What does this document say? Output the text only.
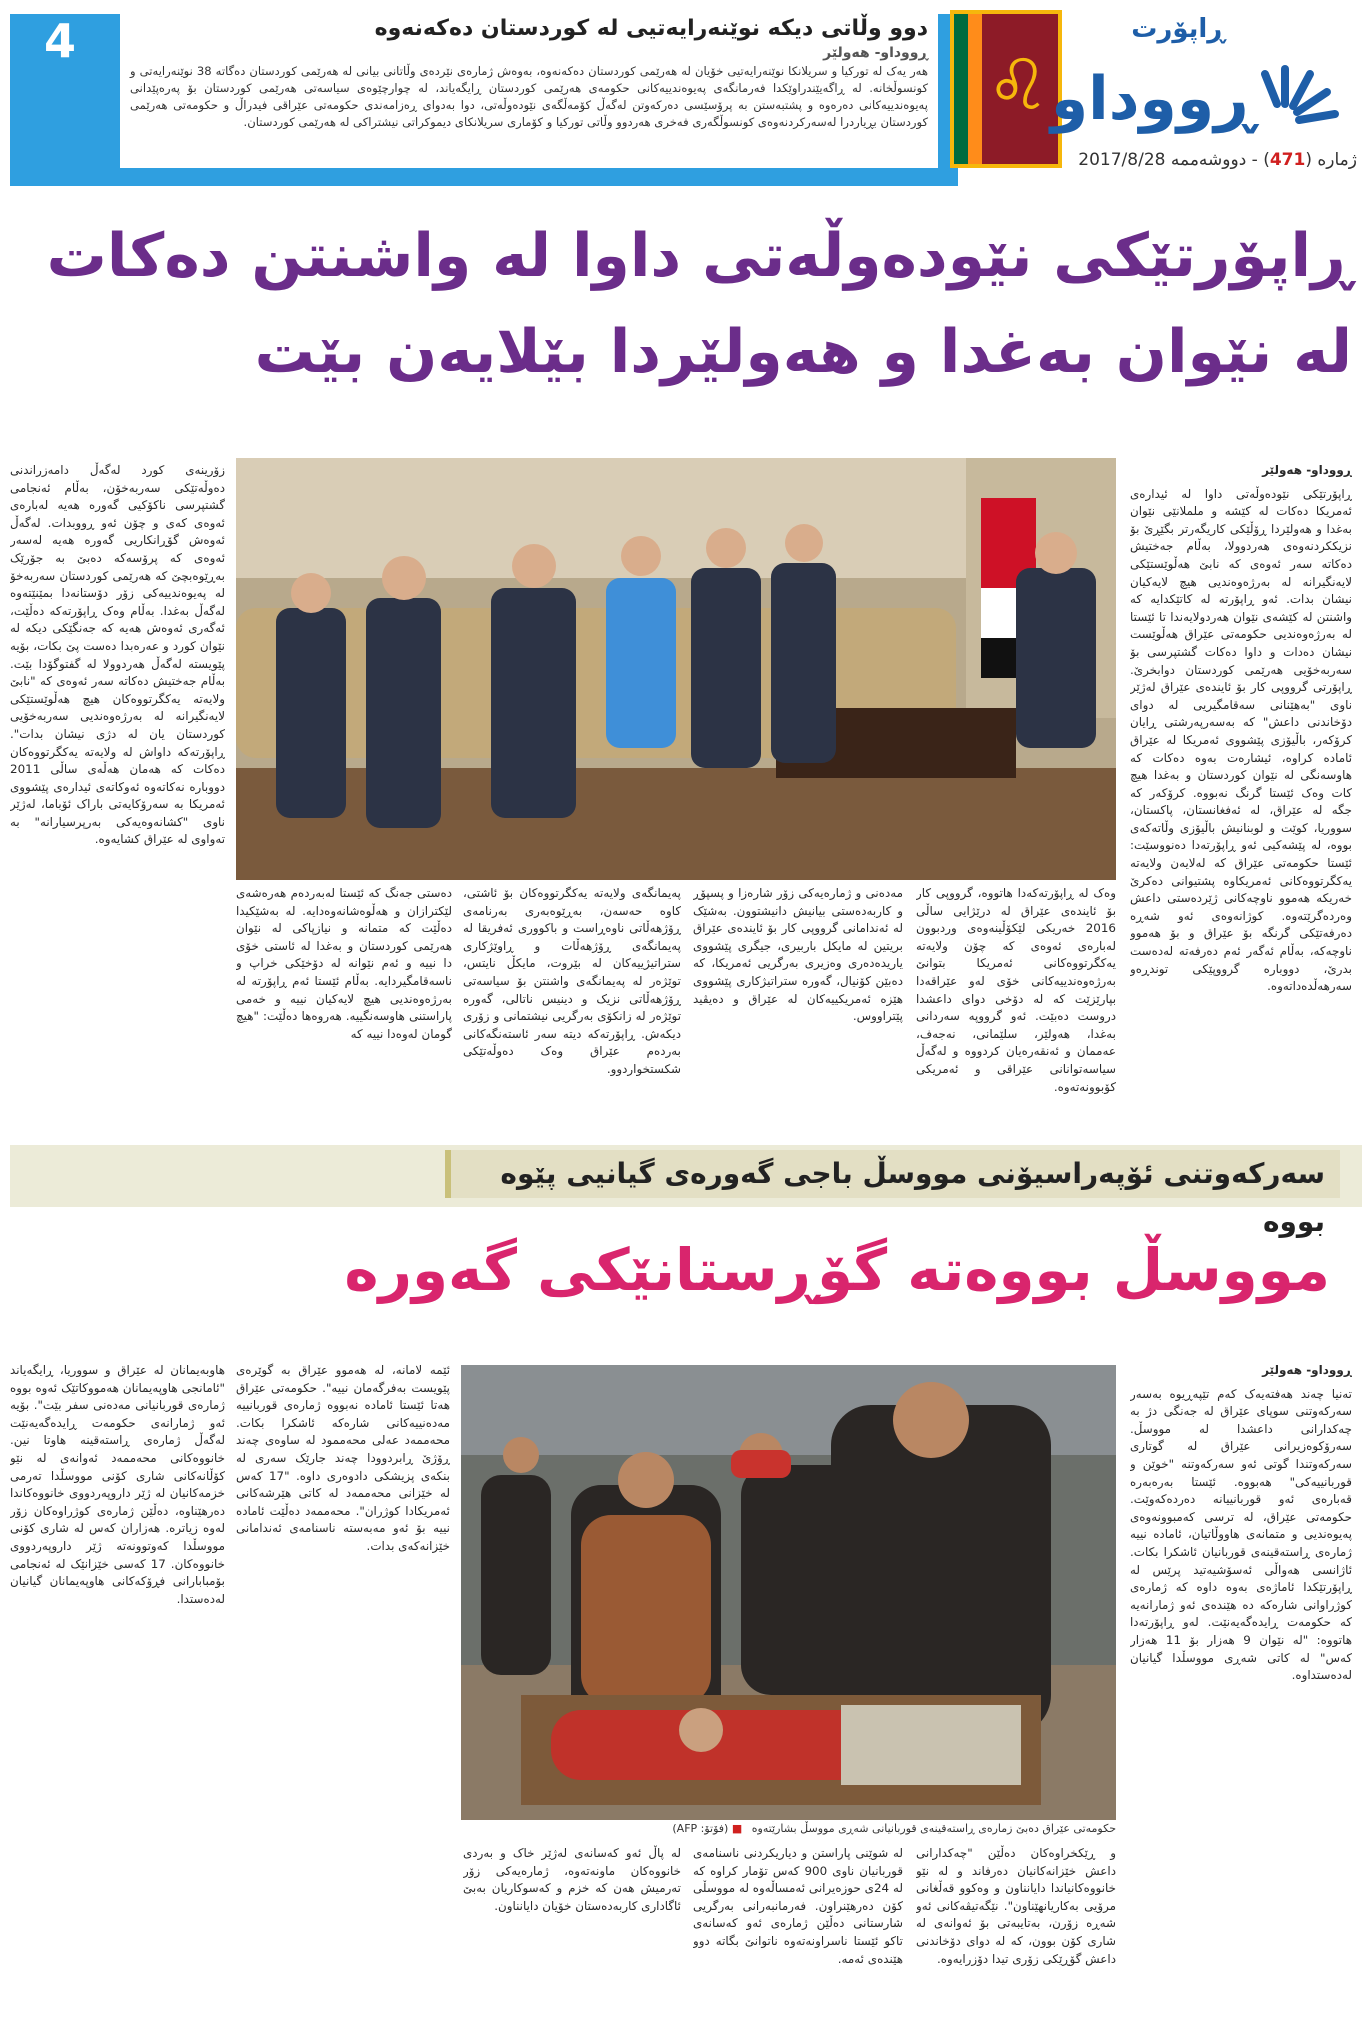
4	دوو وڵاتی دیکە نوێنەرایەتیی لە کوردستان دەکەنەوە
ڕووداو- هەولێر
هەر یەک لە تورکیا و سریلانکا نوێنەرایەتیی خۆیان لە هەرێمی کوردستان دەکەنەوە، بەوەش ژمارەی نێردەی وڵاتانی بیانی لە هەرێمی کوردستان دەگاتە 38 نوێنەرایەتی و کونسوڵخانە. لە ڕاگەیێندراوێکدا فەرمانگەی پەیوەندییەکانی حکومەی هەرێمی کوردستان ڕایگەیاند، لە چوارچێوەی سیاسەتی هەرێمی کوردستان بۆ پەرەپێدانی پەیوەندییەکانی دەرەوە و پشتبەستن بە پرۆسێسی دەرکەوتن لەگەڵ کۆمەڵگەی نێودەوڵەتی، دوا بەدوای ڕەزامەندی حکومەتی عێراقی فیدراڵ و حکومەتی هەرێمی کوردستان بڕیاردرا لەسەرکردنەوەی کونسوڵگەری فەخری هەردوو وڵاتی تورکیا و کۆماری سریلانکای دیموکراتی نیشتراکی لە هەرێمی کوردستان. ♌
ڕاپۆرت
ڕووداو
ژمارە (471) - دووشەممە 2017/8/28
ڕاپۆرتێکی نێودەوڵەتی داوا لە واشنتن دەکات
لە نێوان بەغدا و هەولێردا بێلایەن بێت
ڕووداو- هەولێر
ڕاپۆرتێکی نێودەوڵەتی داوا لە ئیدارەی ئەمریکا دەکات لە کێشە و ململانێی نێوان بەغدا و هەولێردا ڕۆڵێکی کاریگەرتر بگێڕێ بۆ نزیککردنەوەی هەردوولا، بەڵام جەختیش دەکاتە سەر ئەوەی کە نابێ هەڵوێستێکی لایەنگیرانە لە بەرژەوەندیی هیچ لایەکیان نیشان بدات. ئەو ڕاپۆرتە لە کاتێکدایە کە واشنتن لە کێشەی نێوان هەردولایەندا تا ئێستا لە بەرژەوەندیی حکومەتی عێراق هەڵوێست نیشان دەدات و داوا دەکات گشتپرسی بۆ سەربەخۆیی هەرێمی کوردستان دوابخرێ. ڕاپۆرتی گرووپی کار بۆ ئایندەی عێراق لەژێر ناوی "بەهێنانی سەقامگیریی لە دوای دۆخاندنی داعش" کە بەسەرپەرشتی ڕایان کرۆکەر، باڵیۆزی پێشووی ئەمریکا لە عێراق ئامادە کراوە، ئیشارەت بەوە دەکات کە هاوسەنگی لە نێوان کوردستان و بەغدا هیچ کات وەک ئێستا گرنگ نەبووە. کرۆکەر کە جگە لە عێراق، لە ئەفغانستان، پاکستان، سووریا، کوێت و لوبنانیش باڵیۆزی وڵاتەکەی بووە، لە پێشەکیی ئەو ڕاپۆرتەدا دەنووسێت: ئێستا حکومەتی عێراق کە لەلایەن ولایەتە یەکگرتووەکانی ئەمریکاوە پشتیوانی دەکرێ خەریکە هەموو ناوچەکانی ژێردەستی داعش وەردەگرێتەوە. کوژانەوەی ئەو شەڕە دەرفەتێکی گرنگە بۆ عێراق و بۆ هەموو ناوچەکە، بەڵام ئەگەر ئەم دەرفەتە لەدەست بدرێ، دووبارە گرووپێکی توندڕەو سەرهەڵدەداتەوە.
وەک لە ڕاپۆرتەکەدا هاتووە، گرووپی کار بۆ ئایندەی عێراق لە درێژایی ساڵی 2016 خەریکی لێکۆڵینەوەی وردبوون لەبارەی ئەوەی کە چۆن ولایەتە یەکگرتووەکانی ئەمریکا بتوانێ بەرژەوەندییەکانی خۆی لەو عێراقەدا بپارێزێت کە لە دۆخی دوای داعشدا دروست دەبێت. ئەو گرووپە سەردانی بەغدا، هەولێر، سلێمانی، نەجەف، عەممان و ئەنقەرەیان کردووە و لەگەڵ سیاسەتوانانی عێراقی و ئەمریکی کۆبوونەتەوە.
مەدەنی و ژمارەیەکی زۆر شارەزا و پسپۆڕ و کاربەدەستی بیانیش دانیشتوون. بەشێک لە ئەندامانی گرووپی کار بۆ ئایندەی عێراق بریتین لە مایکل باربیری، جیگری پێشووی یاریدەدەری وەزیری بەرگریی ئەمریکا، کە دەبێن کۆنیال، گەورە ستراتیژکاری پێشووی هێزە ئەمریکییەکان لە عێراق و دەیڤید پێتراووس.
پەیمانگەی ولایەتە یەکگرتووەکان بۆ ئاشتی، کاوە حەسەن، بەڕێوەبەری بەرنامەی ڕۆژهەڵاتی ناوەڕاست و باکووری ئەفریقا لە پەیمانگەی ڕۆژهەڵات و ڕاوێژکاری ستراتیژییەکان لە بێروت، مایکڵ نایتس، توێژەر لە پەیمانگەی واشنتن بۆ سیاسەتی ڕۆژهەڵاتی نزیک و دینیس ناتالی، گەورە توێژەر لە زانکۆی بەرگریی نیشتمانی و زۆری دیکەش. ڕاپۆرتەکە دیتە سەر ئاستەنگەکانی بەردەم عێراق وەک دەوڵەتێکی شکستخواردوو.
دەستی جەنگ کە ئێستا لەبەردەم هەرەشەی لێکترازان و هەڵوەشانەوەدایە. لە بەشێکیدا دەڵێت کە متمانە و نیازپاکی لە نێوان هەرێمی کوردستان و بەغدا لە ئاستی خۆی دا نییە و ئەم نێوانە لە دۆخێکی خراپ و ناسەقامگیردایە. بەڵام ئێستا ئەم ڕاپۆرتە لە بەرژەوەندیی هیچ لایەکیان نییە و خەمی پاراستنی هاوسەنگییە. هەروەها دەڵێت: "هیچ گومان لەوەدا نییە کە
زۆرینەی کورد لەگەڵ دامەزراندنی دەوڵەتێکی سەربەخۆن، بەڵام ئەنجامی گشتپرسی ناکۆکیی گەورە هەیە لەبارەی ئەوەی کەی و چۆن ئەو ڕووبدات. لەگەڵ ئەوەش گۆڕانکاریی گەورە هەیە لەسەر ئەوەی کە پرۆسەکە دەبێ بە جۆرێک بەڕێوەبچێ کە هەرێمی کوردستان سەربەخۆ لە پەیوەندییەکی زۆر دۆستانەدا بمێنێتەوە لەگەڵ بەغدا. بەڵام وەک ڕاپۆرتەکە دەڵێت، ئەگەری ئەوەش هەیە کە جەنگێکی دیکە لە نێوان کورد و عەرەبدا دەست پێ بکات، بۆیە پێویستە لەگەڵ هەردوولا لە گفتوگۆدا بێت. بەڵام جەختیش دەکاتە سەر ئەوەی کە "نابێ ولایەتە یەکگرتووەکان هیچ هەڵوێستێکی لایەنگیرانە لە بەرژەوەندیی سەربەخۆیی کوردستان یان لە دژی نیشان بدات". ڕاپۆرتەکە داواش لە ولایەتە یەکگرتووەکان دەکات کە هەمان هەڵەی ساڵی 2011 دووبارە نەکاتەوە ئەوکاتەی ئیدارەی پێشووی ئەمریکا بە سەرۆکایەتی باراک ئۆباما، لەژێر ناوی "کشانەوەیەکی بەرپرسیارانە" بە تەواوی لە عێراق کشایەوە.
سەرکەوتنی ئۆپەراسیۆنی مووسڵ باجی گەورەی گیانیی پێوە بووە
مووسڵ بووەتە گۆڕستانێکی گەورە
ڕووداو- هەولێر
تەنیا چەند هەفتەیەک کەم تێپەڕیوە بەسەر سەرکەوتنی سوپای عێراق لە جەنگی دژ بە چەکدارانی داعشدا لە مووسڵ. سەرۆکوەزیرانی عێراق لە گوتاری سەرکەوتندا گوتی ئەو سەرکەوتنە "خوێن و قوربانییەکی" هەبووە. ئێستا بەرەبەرە قەبارەی ئەو قوربانییانە دەردەکەوێت. حکومەتی عێراق، لە ترسی کەمبوونەوەی پەیوەندیی و متمانەی هاووڵاتیان، ئامادە نییە ژمارەی ڕاستەقینەی قوربانیان ئاشکرا بکات. ئاژانسی هەواڵی ئەسۆشیەتید پرێس لە ڕاپۆرتێکدا ئاماژەی بەوە داوە کە ژمارەی کوژراوانی شارەکە دە هێندەی ئەو ژمارانەیە کە حکومەت ڕایدەگەیەنێت. لەو ڕاپۆرتەدا هاتووە: "لە نێوان 9 هەزار بۆ 11 هەزار کەس" لە کاتی شەڕی مووسڵدا گیانیان لەدەستداوە.
حکومەتی عێراق دەبێ زمارەی ڕاستەقینەی قوربانیانی شەڕی مووسڵ بشارێتەوە ■ (فۆتۆ: AFP)
و ڕێکخراوەکان دەڵێن "چەکدارانی داعش خێزانەکانیان دەرفاند و لە نێو خانووەکانیاندا دایانناون و وەکوو قەڵغانی مرۆیی بەکاریانهێناون". نێگەتیڤەکانی ئەو شەڕە زۆرن، بەتایبەتی بۆ ئەوانەی لە شاری کۆن بوون، کە لە دوای دۆخاندنی داعش گۆڕێکی زۆری تیدا دۆزرایەوە.
لە شوێنی پاراستن و دیاریکردنی ناسنامەی قوربانیان ناوی 900 کەس تۆمار کراوە کە لە 24ی حوزەیرانی ئەمساڵەوە لە مووسڵی کۆن دەرهێنراون. فەرمانبەرانی بەرگریی شارستانی دەڵێن ژمارەی ئەو کەسانەی تاکو ئێستا ناسراونەتەوە ناتوانێ بگاتە دوو هێندەی ئەمە.
لە پاڵ ئەو کەسانەی لەژێر خاک و بەردی خانووەکان ماونەتەوە، ژمارەیەکی زۆر تەرمیش هەن کە خزم و کەسوکاریان بەبێ ئاگاداری کاربەدەستان خۆیان دایانناون.
ئێمە لامانە، لە هەموو عێراق بە گوێرەی پێویست بەفرگەمان نییە". حکومەتی عێراق هەتا ئێستا ئامادە نەبووە ژمارەی قوربانییە مەدەنییەکانی شارەکە ئاشکرا بکات. محەممەد عەلی محەممود لە ساوەی چەند ڕۆژێ ڕابردوودا چەند جارێک سەری لە بنکەی پزیشکی دادوەری داوە. "17 کەس لە خێزانی محەممەد لە کاتی هێرشەکانی ئەمریکادا کوژران". محەممەد دەڵێت ئامادە نییە بۆ ئەو مەبەستە ناسنامەی ئەندامانی خێزانەکەی بدات.
هاوبەیمانان لە عێراق و سووریا، ڕایگەیاند "ئامانجی هاوپەیمانان هەمووکاتێک ئەوە بووە ژمارەی قوربانیانی مەدەنی سفر بێت". بۆیە ئەو ژمارانەی حکومەت ڕایدەگەیەنێت لەگەڵ ژمارەی ڕاستەقینە هاوتا نین. خانووەکانی محەممەد ئەوانەی لە نێو کۆڵانەکانی شاری کۆنی مووسڵدا تەرمی خزمەکانیان لە ژێر داروپەردووی خانووەکاندا دەرهێناوە، دەڵێن ژمارەی کوژراوەکان زۆر لەوە زیاترە. هەزاران کەس لە شاری کۆنی مووسڵدا کەوتوونەتە ژێر داروپەردووی خانووەکان. 17 کەسی خێزانێک لە ئەنجامی بۆمبابارانی فڕۆکەکانی هاوپەیمانان گیانیان لەدەستدا.
